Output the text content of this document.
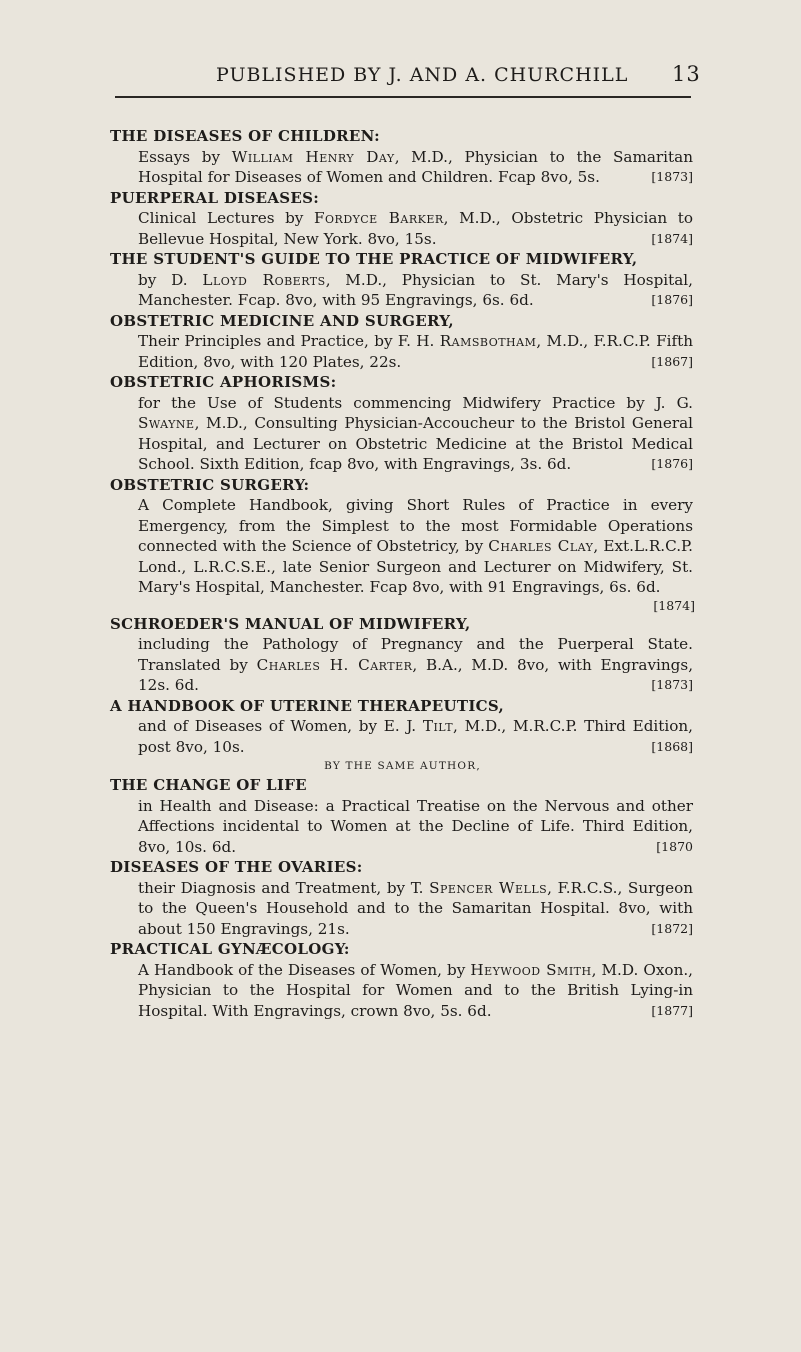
PUBLISHED BY J. AND A. CHURCHILL 13
THE DISEASES OF CHILDREN:
Essays by William Henry Day, M.D., Physician to the Samaritan Hospital for Diseases of Women and Children. Fcap 8vo, 5s.	[1873]
PUERPERAL DISEASES:
Clinical Lectures by Fordyce Barker, M.D., Obstetric Physician to Bellevue Hospital, New York. 8vo, 15s.	[1874]
THE STUDENT'S GUIDE TO THE PRACTICE OF MIDWIFERY,
by D. Lloyd Roberts, M.D., Physician to St. Mary's Hospital, Manchester. Fcap. 8vo, with 95 Engravings, 6s. 6d.	[1876]
OBSTETRIC MEDICINE AND SURGERY,
Their Principles and Practice, by F. H. Ramsbotham, M.D., F.R.C.P. Fifth Edition, 8vo, with 120 Plates, 22s.	[1867]
OBSTETRIC APHORISMS:
for the Use of Students commencing Midwifery Practice by J. G. Swayne, M.D., Consulting Physician-Accoucheur to the Bristol General Hospital, and Lecturer on Obstetric Medicine at the Bristol Medical School. Sixth Edition, fcap 8vo, with Engravings, 3s. 6d.	[1876]
OBSTETRIC SURGERY:
A Complete Handbook, giving Short Rules of Practice in every Emergency, from the Simplest to the most Formidable Operations connected with the Science of Obstetricy, by Charles Clay, Ext.L.R.C.P. Lond., L.R.C.S.E., late Senior Surgeon and Lecturer on Midwifery, St. Mary's Hospital, Manchester. Fcap 8vo, with 91 Engravings, 6s. 6d.
[1874]
SCHROEDER'S MANUAL OF MIDWIFERY,
including the Pathology of Pregnancy and the Puerperal State. Translated by Charles H. Carter, B.A., M.D. 8vo, with Engravings, 12s. 6d.	[1873]
A HANDBOOK OF UTERINE THERAPEUTICS,
and of Diseases of Women, by E. J. Tilt, M.D., M.R.C.P. Third Edition, post 8vo, 10s.	[1868]
BY THE SAME AUTHOR,
THE CHANGE OF LIFE
in Health and Disease: a Practical Treatise on the Nervous and other Affections incidental to Women at the Decline of Life. Third Edition, 8vo, 10s. 6d.	[1870
DISEASES OF THE OVARIES:
their Diagnosis and Treatment, by T. Spencer Wells, F.R.C.S., Surgeon to the Queen's Household and to the Samaritan Hospital. 8vo, with about 150 Engravings, 21s.	[1872]
PRACTICAL GYNÆCOLOGY:
A Handbook of the Diseases of Women, by Heywood Smith, M.D. Oxon., Physician to the Hospital for Women and to the British Lying-in Hospital. With Engravings, crown 8vo, 5s. 6d.	[1877]
